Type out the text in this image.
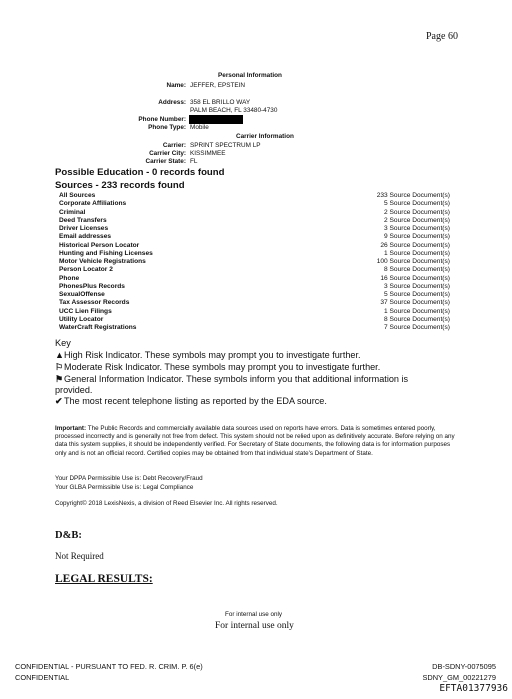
Page 60
Personal Information
Name: JEFFER, EPSTEIN
Address: 358 EL BRILLO WAY
PALM BEACH, FL 33480-4730
Phone Number:
Phone Type: Mobile
Carrier Information
Carrier: SPRINT SPECTRUM LP
Carrier City: KISSIMMEE
Carrier State: FL
Possible Education - 0 records found
Sources - 233 records found
All Sources	233 Source Document(s)
Corporate Affiliations	5 Source Document(s)
Criminal	2 Source Document(s)
Deed Transfers	2 Source Document(s)
Driver Licenses	3 Source Document(s)
Email addresses	9 Source Document(s)
Historical Person Locator	26 Source Document(s)
Hunting and Fishing Licenses	1 Source Document(s)
Motor Vehicle Registrations	100 Source Document(s)
Person Locator 2	8 Source Document(s)
Phone	16 Source Document(s)
PhonesPlus Records	3 Source Document(s)
SexualOffense	5 Source Document(s)
Tax Assessor Records	37 Source Document(s)
UCC Lien Filings	1 Source Document(s)
Utility Locator	8 Source Document(s)
WaterCraft Registrations	7 Source Document(s)
Key
▲High Risk Indicator. These symbols may prompt you to investigate further.
⚐Moderate Risk Indicator. These symbols may prompt you to investigate further.
⚑General Information Indicator. These symbols inform you that additional information is
provided.
✔The most recent telephone listing as reported by the EDA source.
Important: The Public Records and commercially available data sources used on reports have errors. Data is sometimes entered poorly, processed incorrectly and is generally not free from defect. This system should not be relied upon as definitively accurate. Before relying on any data this system supplies, it should be independently verified. For Secretary of State documents, the following data is for information purposes only and is not an official record. Certified copies may be obtained from that individual state's Department of State.
Your DPPA Permissible Use is: Debt Recovery/Fraud
Your GLBA Permissible Use is: Legal Compliance
Copyright© 2018 LexisNexis, a division of Reed Elsevier Inc. All rights reserved.
D&B:
Not Required
LEGAL RESULTS:
For internal use only
For internal use only
CONFIDENTIAL - PURSUANT TO FED. R. CRIM. P. 6(e)
CONFIDENTIAL
DB-SDNY-0075095
SDNY_GM_00221279
EFTA01377936
